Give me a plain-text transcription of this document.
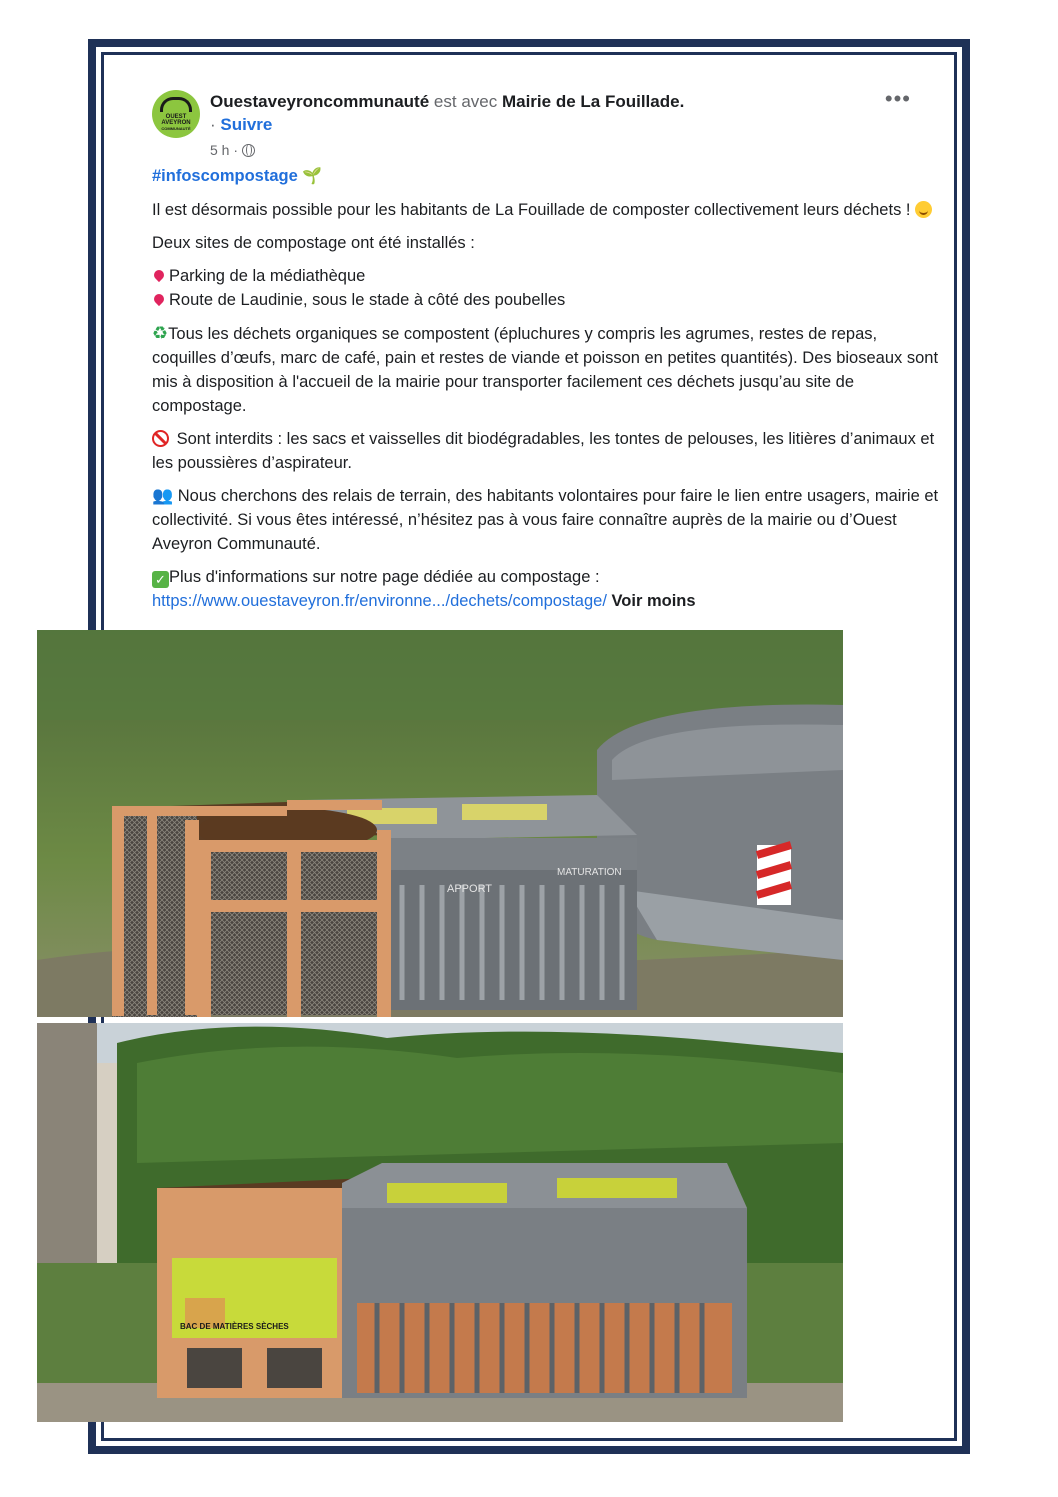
OUEST
AVEYRON
COMMUNAUTÉ
Ouestaveyroncommunauté est avec Mairie de La Fouillade.
· Suivre
5 h ·
•••

#infoscompostage 🌱

Il est désormais possible pour les habitants de La Fouillade de composter collectivement leurs déchets !

Deux sites de compostage ont été installés :

Parking de la médiathèque
Route de Laudinie, sous le stade à côté des poubelles

♻Tous les déchets organiques se compostent (épluchures y compris les agrumes, restes de repas, coquilles d’œufs, marc de café, pain et restes de viande et poisson en petites quantités). Des bioseaux sont mis à disposition à l'accueil de la mairie pour transporter facilement ces déchets jusqu’au site de compostage.

Sont interdits : les sacs et vaisselles dit biodégradables, les tontes de pelouses, les litières d’animaux et les poussières d’aspirateur.

👥 Nous cherchons des relais de terrain, des habitants volontaires pour faire le lien entre usagers, mairie et collectivité. Si vous êtes intéressé, n’hésitez pas à vous faire connaître auprès de la mairie ou d’Ouest Aveyron Communauté.

✓ Plus d'informations sur notre page dédiée au compostage :
https://www.ouestaveyron.fr/environne.../dechets/compostage/ Voir moins

APPORT
MATURATION
BAC DE MATIÈRES SÈCHES
